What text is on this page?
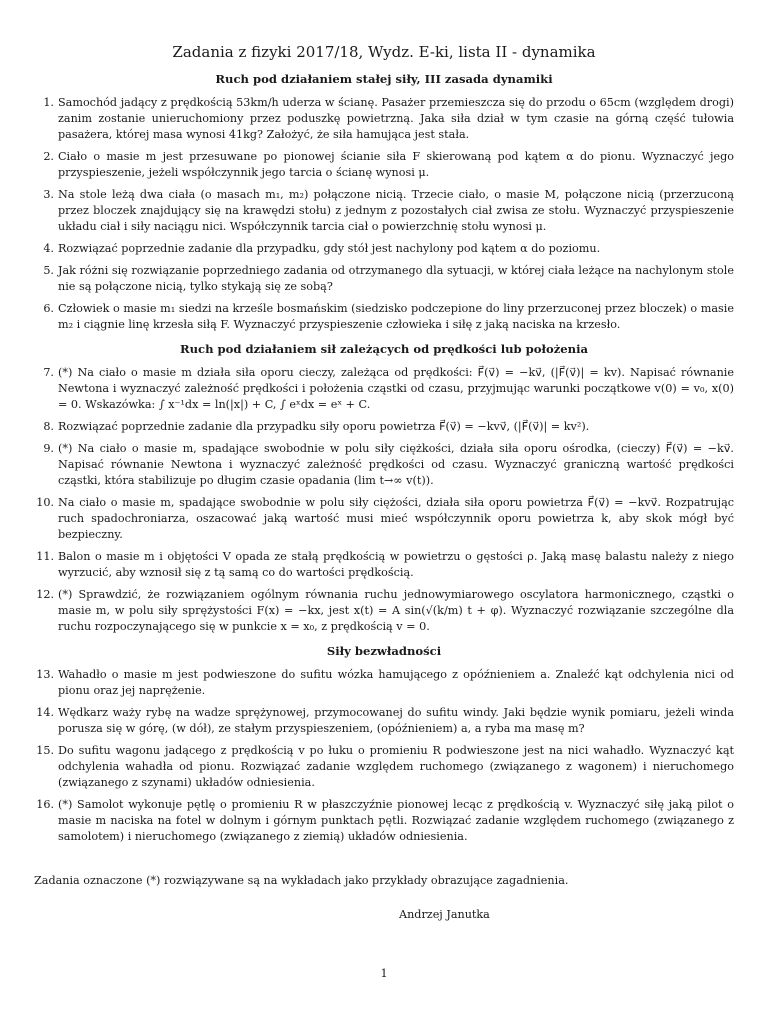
Zadania z fizyki 2017/18, Wydz. E-ki, lista II - dynamika
Ruch pod działaniem stałej siły, III zasada dynamiki
1. Samochód jadący z prędkością 53km/h uderza w ścianę. Pasażer przemieszcza się do przodu o 65cm (względem drogi) zanim zostanie unieruchomiony przez poduszkę powietrzną. Jaka siła dział w tym czasie na górną część tułowia pasażera, której masa wynosi 41kg? Założyć, że siła hamująca jest stała.
2. Ciało o masie m jest przesuwane po pionowej ścianie siła F skierowaną pod kątem α do pionu. Wyznaczyć jego przyspieszenie, jeżeli współczynnik jego tarcia o ścianę wynosi μ.
3. Na stole leżą dwa ciała (o masach m₁, m₂) połączone nicią. Trzecie ciało, o masie M, połączone nicią (przerzuconą przez bloczek znajdujący się na krawędzi stołu) z jednym z pozostałych ciał zwisa ze stołu. Wyznaczyć przyspieszenie układu ciał i siły naciągu nici. Współczynnik tarcia ciał o powierzchnię stołu wynosi μ.
4. Rozwiązać poprzednie zadanie dla przypadku, gdy stół jest nachylony pod kątem α do poziomu.
5. Jak różni się rozwiązanie poprzedniego zadania od otrzymanego dla sytuacji, w której ciała leżące na nachylonym stole nie są połączone nicią, tylko stykają się ze sobą?
6. Człowiek o masie m₁ siedzi na krześle bosmańskim (siedzisko podczepione do liny przerzuconej przez bloczek) o masie m₂ i ciągnie linę krzesła siłą F. Wyznaczyć przyspieszenie człowieka i siłę z jaką naciska na krzesło.
Ruch pod działaniem sił zależących od prędkości lub położenia
7. (*) Na ciało o masie m działa siła oporu cieczy, zależąca od prędkości: F⃗(v⃗) = −kv⃗, (|F⃗(v⃗)| = kv). Napisać równanie Newtona i wyznaczyć zależność prędkości i położenia cząstki od czasu, przyjmując warunki początkowe v(0) = v₀, x(0) = 0. Wskazówka: ∫ x⁻¹dx = ln(|x|) + C, ∫ eˣdx = eˣ + C.
8. Rozwiązać poprzednie zadanie dla przypadku siły oporu powietrza F⃗(v⃗) = −kvv⃗, (|F⃗(v⃗)| = kv²).
9. (*) Na ciało o masie m, spadające swobodnie w polu siły ciężkości, działa siła oporu ośrodka, (cieczy) F⃗(v⃗) = −kv⃗. Napisać równanie Newtona i wyznaczyć zależność prędkości od czasu. Wyznaczyć graniczną wartość prędkości cząstki, która stabilizuje po długim czasie opadania (lim t→∞ v(t)).
10. Na ciało o masie m, spadające swobodnie w polu siły ciężości, działa siła oporu powietrza F⃗(v⃗) = −kvv⃗. Rozpatrując ruch spadochroniarza, oszacować jaką wartość musi mieć współczynnik oporu powietrza k, aby skok mógł być bezpieczny.
11. Balon o masie m i objętości V opada ze stałą prędkością w powietrzu o gęstości ρ. Jaką masę balastu należy z niego wyrzucić, aby wznosił się z tą samą co do wartości prędkością.
12. (*) Sprawdzić, że rozwiązaniem ogólnym równania ruchu jednowymiarowego oscylatora harmonicznego, cząstki o masie m, w polu siły sprężystości F(x) = −kx, jest x(t) = A sin(√(k/m) t + φ). Wyznaczyć rozwiązanie szczególne dla ruchu rozpoczynającego się w punkcie x = x₀, z prędkością v = 0.
Siły bezwładności
13. Wahadło o masie m jest podwieszone do sufitu wózka hamującego z opóźnieniem a. Znaleźć kąt odchylenia nici od pionu oraz jej naprężenie.
14. Wędkarz waży rybę na wadze sprężynowej, przymocowanej do sufitu windy. Jaki będzie wynik pomiaru, jeżeli winda porusza się w górę, (w dół), ze stałym przyspieszeniem, (opóźnieniem) a, a ryba ma masę m?
15. Do sufitu wagonu jadącego z prędkością v po łuku o promieniu R podwieszone jest na nici wahadło. Wyznaczyć kąt odchylenia wahadła od pionu. Rozwiązać zadanie względem ruchomego (związanego z wagonem) i nieruchomego (związanego z szynami) układów odniesienia.
16. (*) Samolot wykonuje pętlę o promieniu R w płaszczyźnie pionowej lecąc z prędkością v. Wyznaczyć siłę jaką pilot o masie m naciska na fotel w dolnym i górnym punktach pętli. Rozwiązać zadanie względem ruchomego (związanego z samolotem) i nieruchomego (związanego z ziemią) układów odniesienia.
Zadania oznaczone (*) rozwiązywane są na wykładach jako przykłady obrazujące zagadnienia.
Andrzej Janutka
1
